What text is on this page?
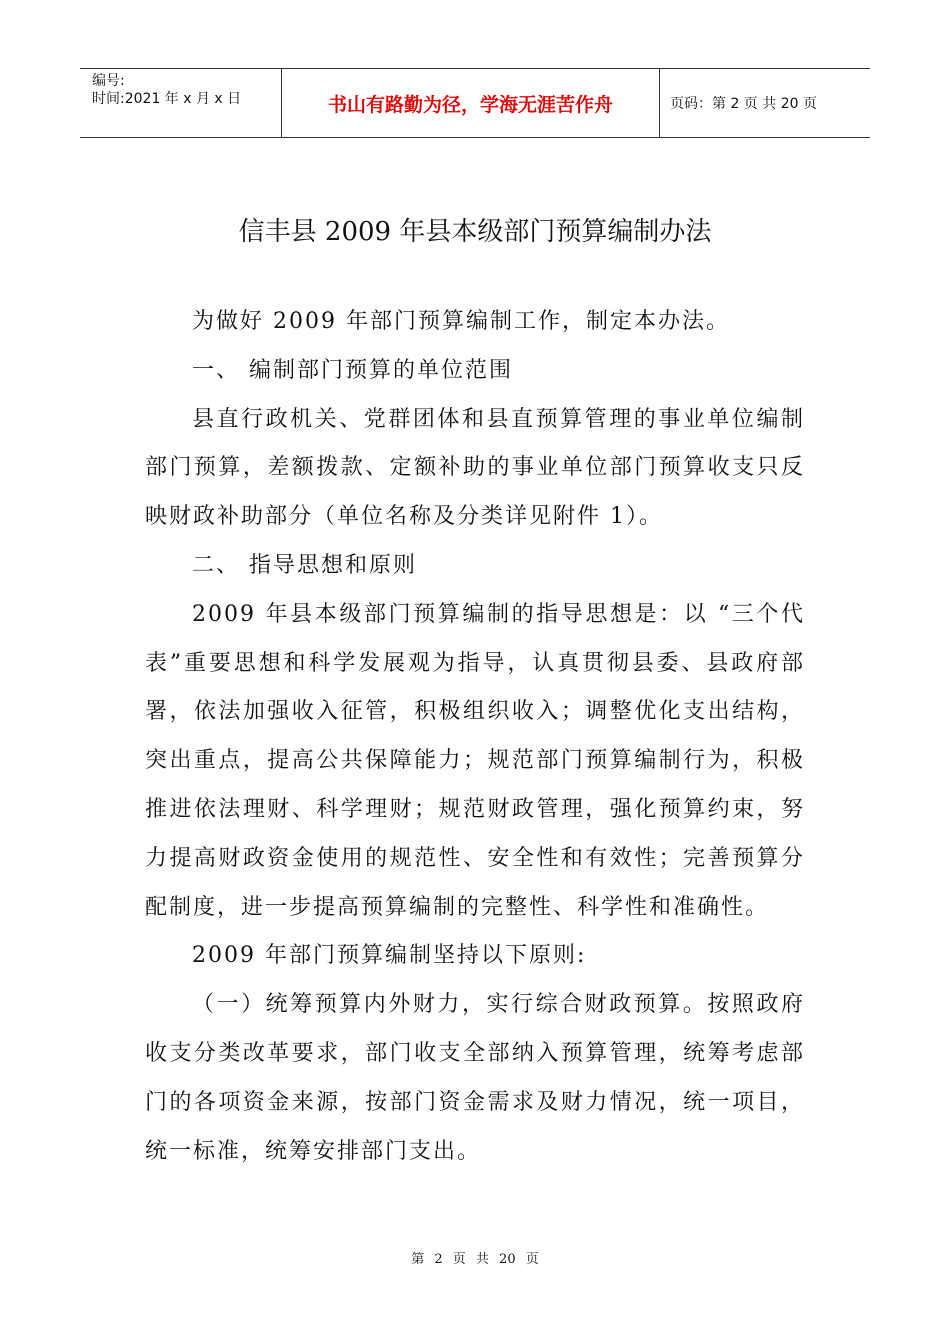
编号:
时间:2021 年 x 月 x 日	书山有路勤为径，学海无涯苦作舟	页码：第 2 页 共 20 页
信丰县 2009 年县本级部门预算编制办法

为做好 2009 年部门预算编制工作，制定本办法。

一、 编制部门预算的单位范围

县直行政机关、党群团体和县直预算管理的事业单位编制部门预算，差额拨款、定额补助的事业单位部门预算收支只反映财政补助部分（单位名称及分类详见附件 1）。

二、 指导思想和原则

2009 年县本级部门预算编制的指导思想是：以 “三个代表”重要思想和科学发展观为指导，认真贯彻县委、县政府部署，依法加强收入征管，积极组织收入；调整优化支出结构，突出重点，提高公共保障能力；规范部门预算编制行为，积极推进依法理财、科学理财；规范财政管理，强化预算约束，努力提高财政资金使用的规范性、安全性和有效性；完善预算分配制度，进一步提高预算编制的完整性、科学性和准确性。

2009 年部门预算编制坚持以下原则:

（一）统筹预算内外财力，实行综合财政预算。按照政府收支分类改革要求，部门收支全部纳入预算管理，统筹考虑部门的各项资金来源，按部门资金需求及财力情况，统一项目，统一标准，统筹安排部门支出。

第 2 页 共 20 页
